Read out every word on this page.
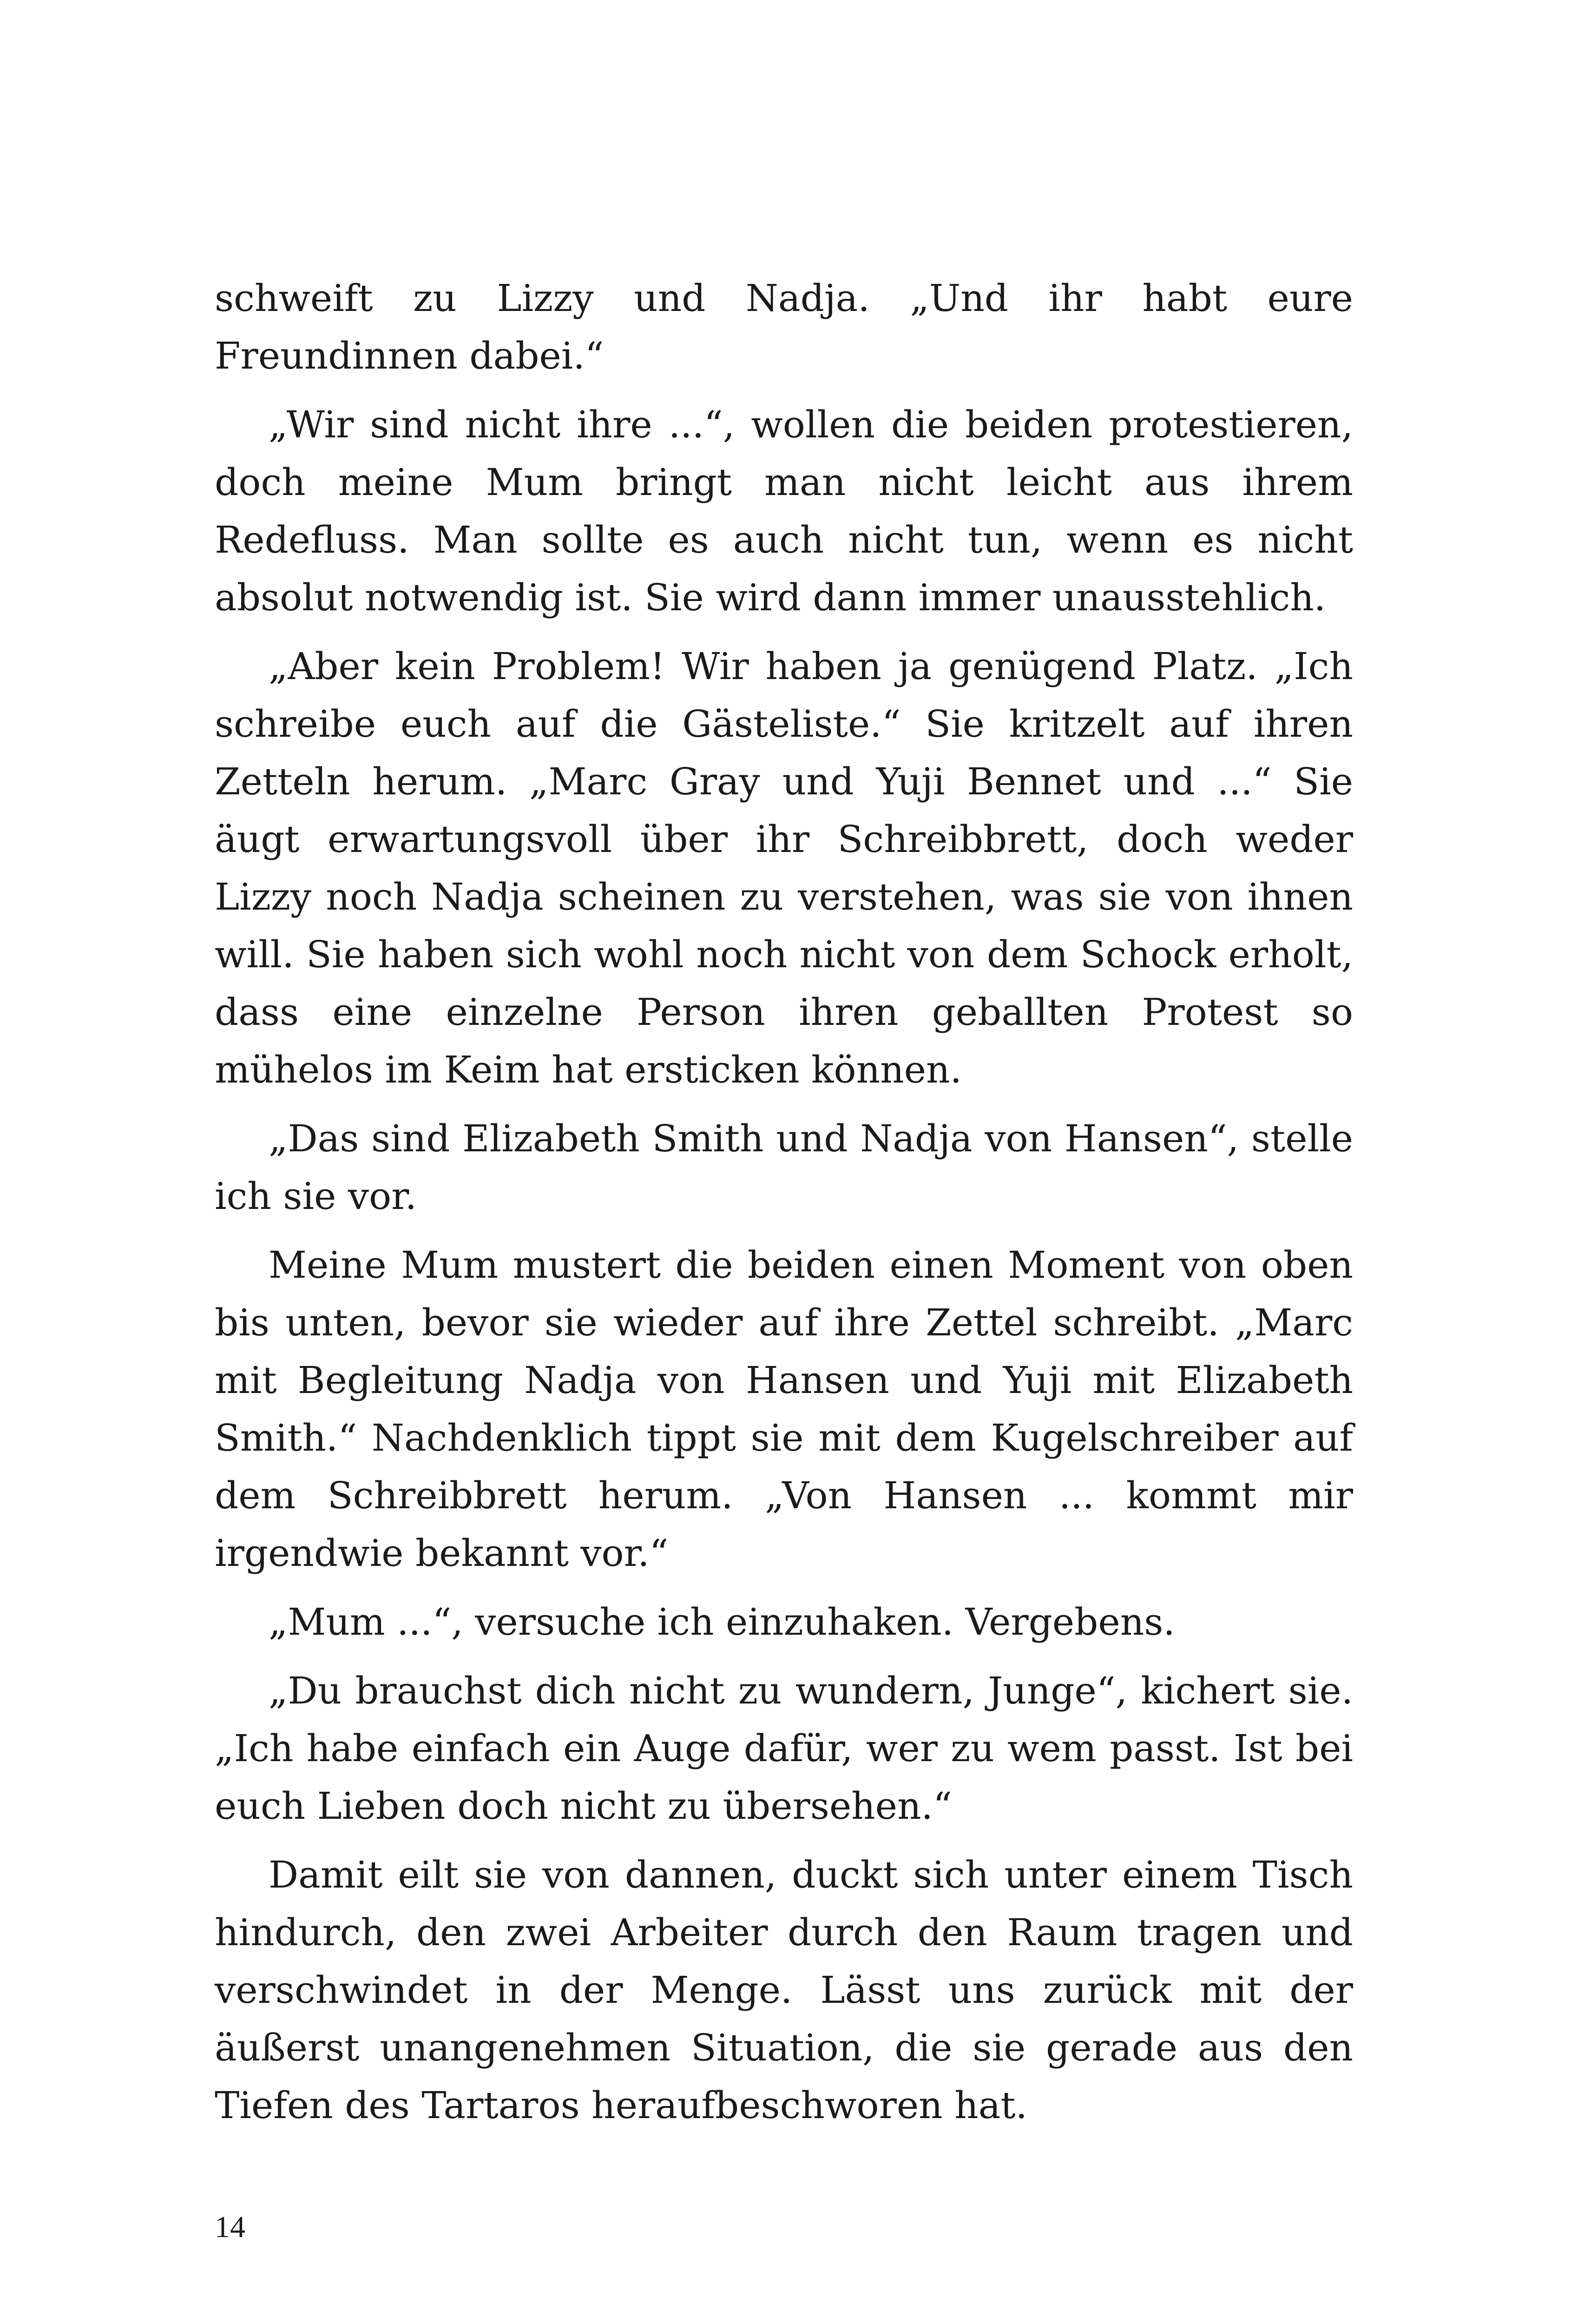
schweift zu Lizzy und Nadja. „Und ihr habt eure Freundinnen dabei.“

„Wir sind nicht ihre ...“, wollen die beiden protestieren, doch meine Mum bringt man nicht leicht aus ihrem Redefluss. Man sollte es auch nicht tun, wenn es nicht absolut notwendig ist. Sie wird dann immer unausstehlich.

„Aber kein Problem! Wir haben ja genügend Platz. „Ich schreibe euch auf die Gästeliste.“ Sie kritzelt auf ihren Zetteln herum. „Marc Gray und Yuji Bennet und ...“ Sie äugt erwartungsvoll über ihr Schreibbrett, doch weder Lizzy noch Nadja scheinen zu verstehen, was sie von ihnen will. Sie haben sich wohl noch nicht von dem Schock erholt, dass eine einzelne Person ihren geballten Protest so mühelos im Keim hat ersticken können.

„Das sind Elizabeth Smith und Nadja von Hansen“, stelle ich sie vor.

Meine Mum mustert die beiden einen Moment von oben bis unten, bevor sie wieder auf ihre Zettel schreibt. „Marc mit Begleitung Nadja von Hansen und Yuji mit Elizabeth Smith.“ Nachdenklich tippt sie mit dem Kugelschreiber auf dem Schreibbrett herum. „Von Hansen ... kommt mir irgendwie bekannt vor.“

„Mum ...“, versuche ich einzuhaken. Vergebens.

„Du brauchst dich nicht zu wundern, Junge“, kichert sie. „Ich habe einfach ein Auge dafür, wer zu wem passt. Ist bei euch Lieben doch nicht zu übersehen.“

Damit eilt sie von dannen, duckt sich unter einem Tisch hindurch, den zwei Arbeiter durch den Raum tragen und verschwindet in der Menge. Lässt uns zurück mit der äußerst unangenehmen Situation, die sie gerade aus den Tiefen des Tartaros heraufbeschworen hat.

14
